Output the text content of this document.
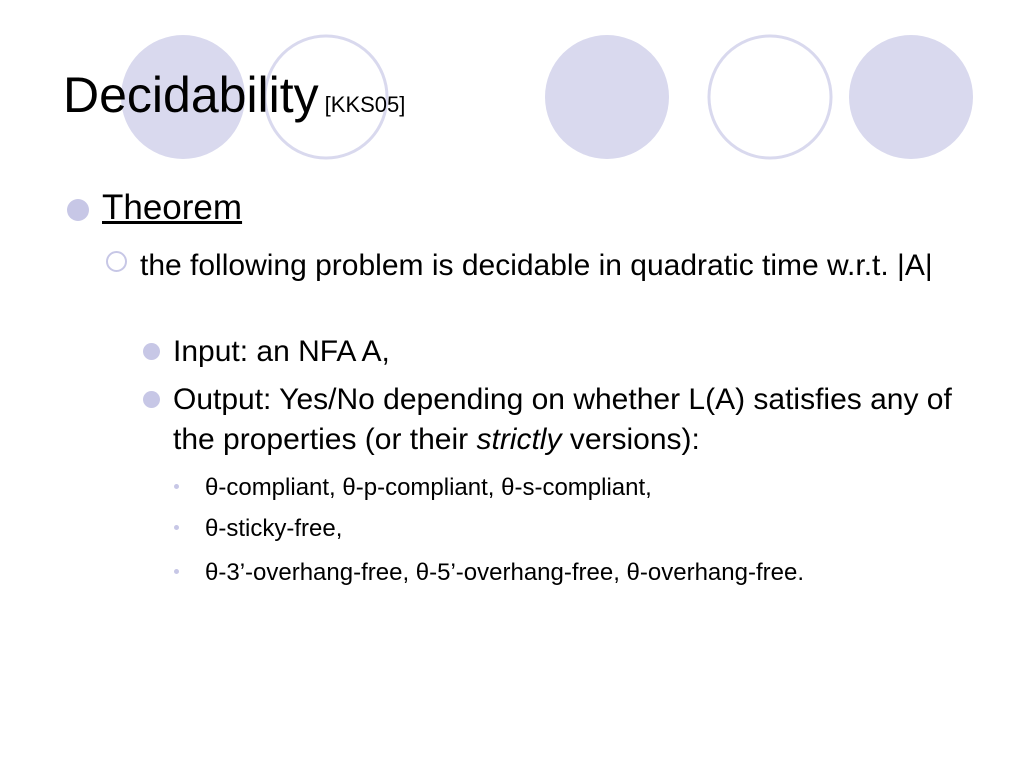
Decidability [KKS05]
Theorem
the following problem is decidable in quadratic time w.r.t. |A|
Input: an NFA A,
Output: Yes/No depending on whether L(A) satisfies any of the properties (or their strictly versions):
θ-compliant, θ-p-compliant, θ-s-compliant,
θ-sticky-free,
θ-3’-overhang-free, θ-5’-overhang-free, θ-overhang-free.
